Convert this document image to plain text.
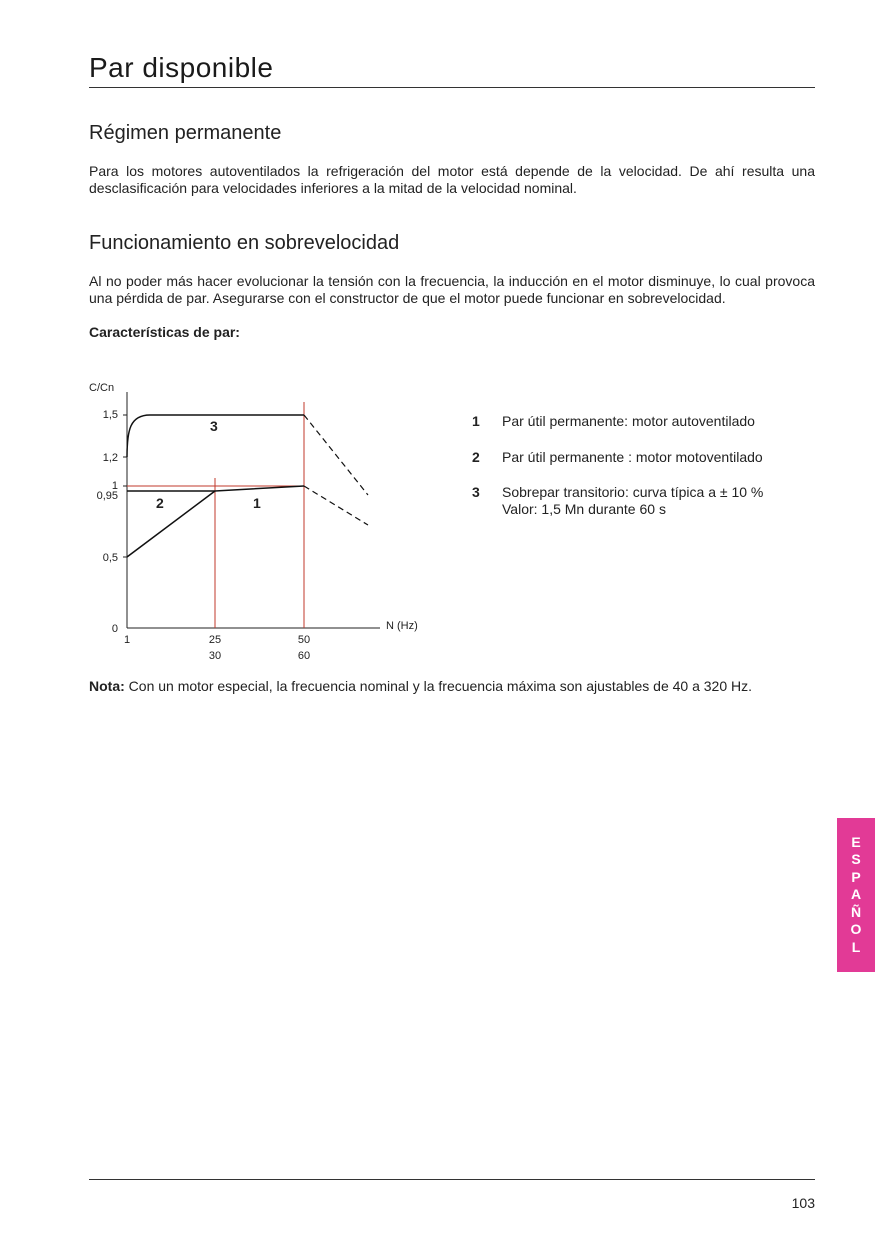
Par disponible
Régimen permanente
Para los motores autoventilados la refrigeración del motor está depende de la velocidad. De ahí resulta una desclasificación para velocidades inferiores a la mitad de la velocidad nominal.
Funcionamiento en sobrevelocidad
Al no poder más hacer evolucionar la tensión con la frecuencia, la inducción en el motor disminuye, lo cual provoca una pérdida de par. Asegurarse con el constructor de que el motor puede funcionar en sobrevelocidad.
Características de par:
C/Cn
N (Hz)
1,5
1,2
1
0,95
0,5
0
1	25
30
50
60
3
2	1
1 Par útil permanente: motor autoventilado
2 Par útil permanente : motor motoventilado
3 Sobrepar transitorio: curva típica a ± 10 %
Valor: 1,5 Mn durante 60 s
Nota: Con un motor especial, la frecuencia nominal y la frecuencia máxima son ajustables de 40 a 320 Hz.
E
S
P
A
Ñ
O
L
103
